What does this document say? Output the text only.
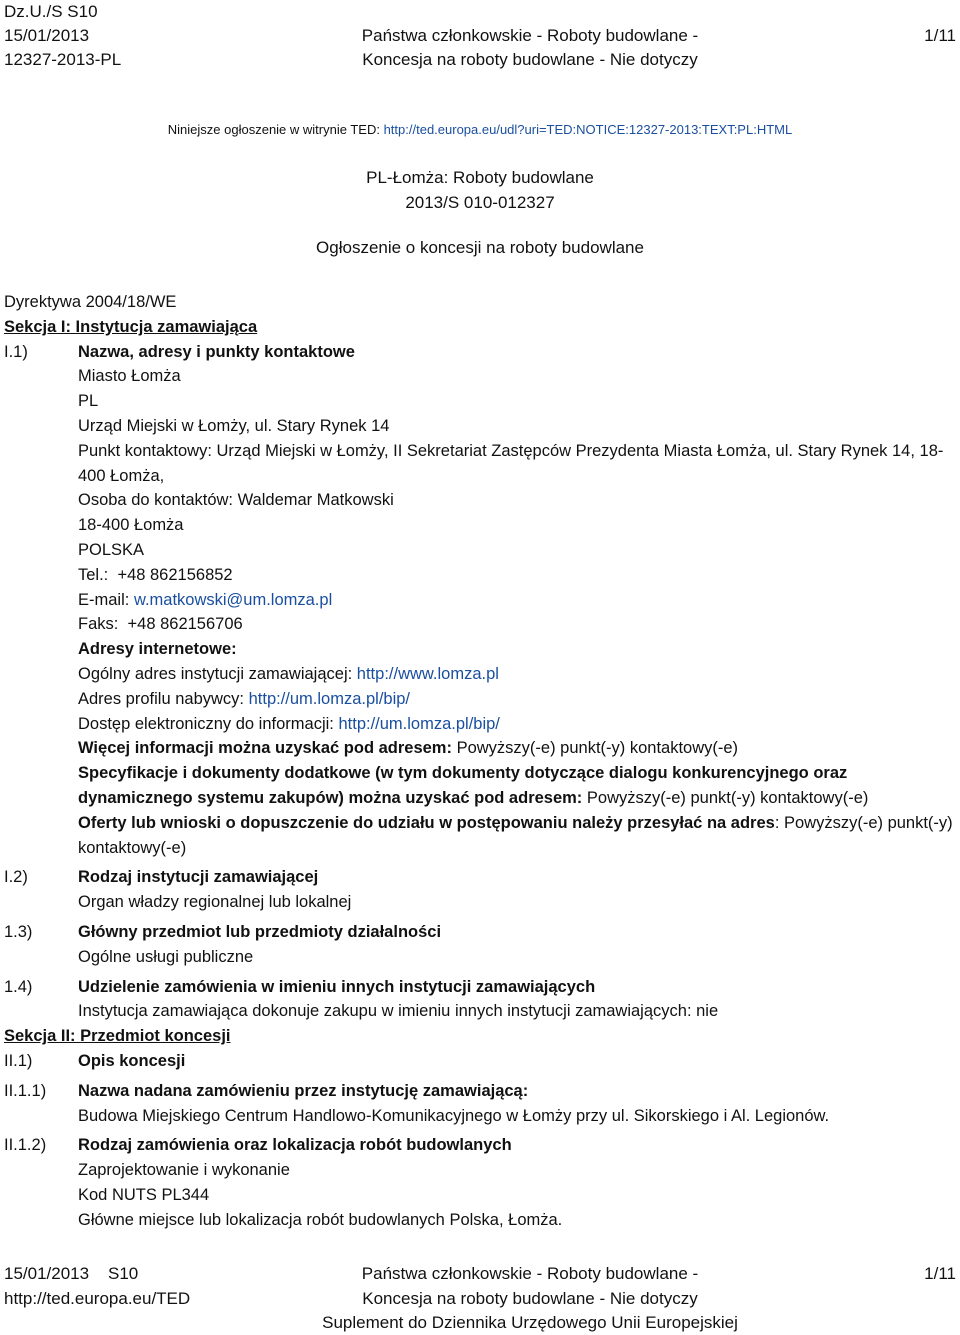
Dz.U./S S10
15/01/2013
12327-2013-PL
Państwa członkowskie - Roboty budowlane -
Koncesja na roboty budowlane - Nie dotyczy
1/11
Niniejsze ogłoszenie w witrynie TED: http://ted.europa.eu/udl?uri=TED:NOTICE:12327-2013:TEXT:PL:HTML
PL-Łomża: Roboty budowlane
2013/S 010-012327
Ogłoszenie o koncesji na roboty budowlane
Dyrektywa 2004/18/WE
Sekcja I: Instytucja zamawiająca
I.1)	Nazwa, adresy i punkty kontaktowe
Miasto Łomża
PL
Urząd Miejski w Łomży, ul. Stary Rynek 14
Punkt kontaktowy: Urząd Miejski w Łomży, II Sekretariat Zastępców Prezydenta Miasta Łomża, ul. Stary Rynek 14, 18-400 Łomża,
Osoba do kontaktów: Waldemar Matkowski
18-400 Łomża
POLSKA
Tel.: +48 862156852
E-mail: w.matkowski@um.lomza.pl
Faks: +48 862156706
Adresy internetowe:
Ogólny adres instytucji zamawiającej: http://www.lomza.pl
Adres profilu nabywcy: http://um.lomza.pl/bip/
Dostęp elektroniczny do informacji: http://um.lomza.pl/bip/
Więcej informacji można uzyskać pod adresem: Powyższy(-e) punkt(-y) kontaktowy(-e)
Specyfikacje i dokumenty dodatkowe (w tym dokumenty dotyczące dialogu konkurencyjnego oraz dynamicznego systemu zakupów) można uzyskać pod adresem: Powyższy(-e) punkt(-y) kontaktowy(-e)
Oferty lub wnioski o dopuszczenie do udziału w postępowaniu należy przesyłać na adres: Powyższy(-e) punkt(-y) kontaktowy(-e)
I.2)	Rodzaj instytucji zamawiającej
Organ władzy regionalnej lub lokalnej
1.3)	Główny przedmiot lub przedmioty działalności
Ogólne usługi publiczne
1.4)	Udzielenie zamówienia w imieniu innych instytucji zamawiających
Instytucja zamawiająca dokonuje zakupu w imieniu innych instytucji zamawiających: nie
Sekcja II: Przedmiot koncesji
II.1)	Opis koncesji
II.1.1)	Nazwa nadana zamówieniu przez instytucję zamawiającą:
Budowa Miejskiego Centrum Handlowo-Komunikacyjnego w Łomży przy ul. Sikorskiego i Al. Legionów.
II.1.2)	Rodzaj zamówienia oraz lokalizacja robót budowlanych
Zaprojektowanie i wykonanie
Kod NUTS PL344
Główne miejsce lub lokalizacja robót budowlanych Polska, Łomża.
15/01/2013 S10
http://ted.europa.eu/TED
Państwa członkowskie - Roboty budowlane -
Koncesja na roboty budowlane - Nie dotyczy
1/11
Suplement do Dziennika Urzędowego Unii Europejskiej
